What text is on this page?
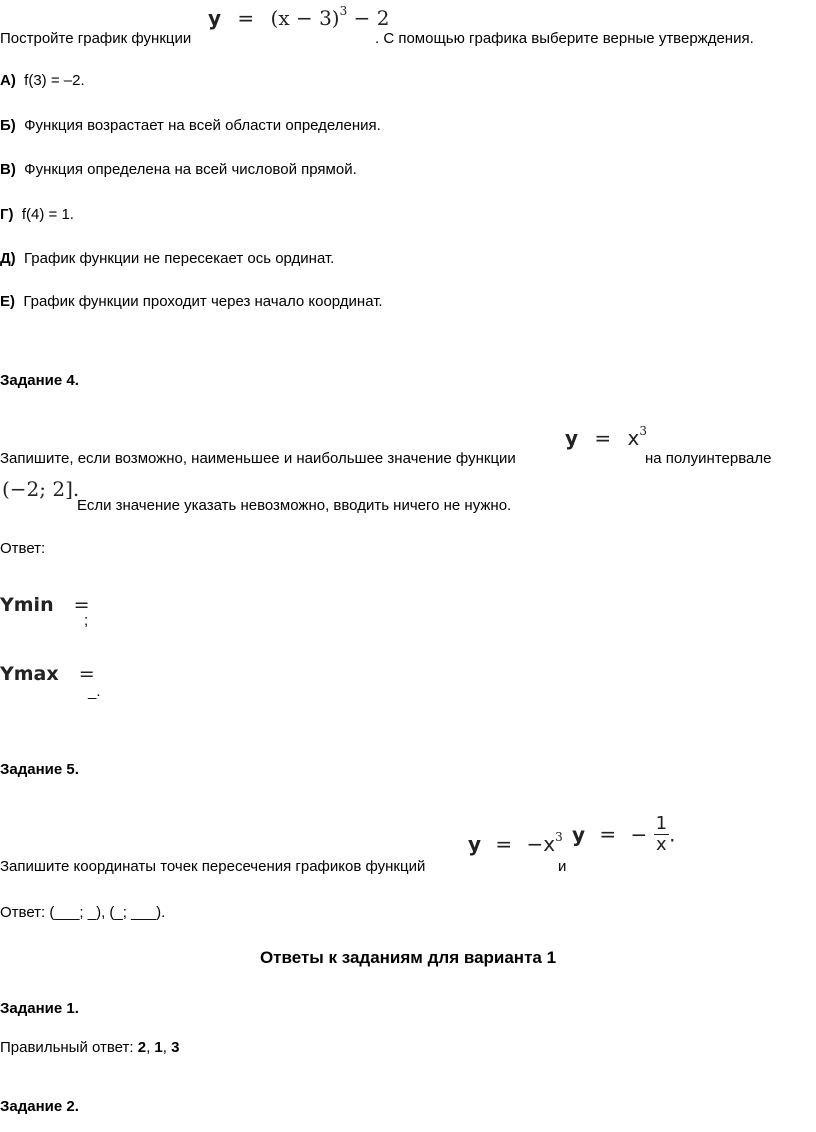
Постройте график функции
$y = (x - 3)^3 - 2$
. С помощью графика выберите верные утверждения.
А) f(3) = –2.
Б) Функция возрастает на всей области определения.
В) Функция определена на всей числовой прямой.
Г) f(4) = 1.
Д) График функции не пересекает ось ординат.
Е) График функции проходит через начало координат.
Задание 4.
Запишите, если возможно, наименьшее и наибольшее значение функции
$y = x^3$
на полуинтервале
(−2; 2].
Если значение указать невозможно, вводить ничего не нужно.
Ответ:
Ymin =
;
Ymax =
_.
Задание 5.
Запишите координаты точек пересечения графиков функций
$y = -x^3$
и
y = − $\frac{1}{x}$ .
Ответ: (___; _), (_; ___).
Ответы к заданиям для варианта 1
Задание 1.
Правильный ответ: 2, 1, 3
Задание 2.
